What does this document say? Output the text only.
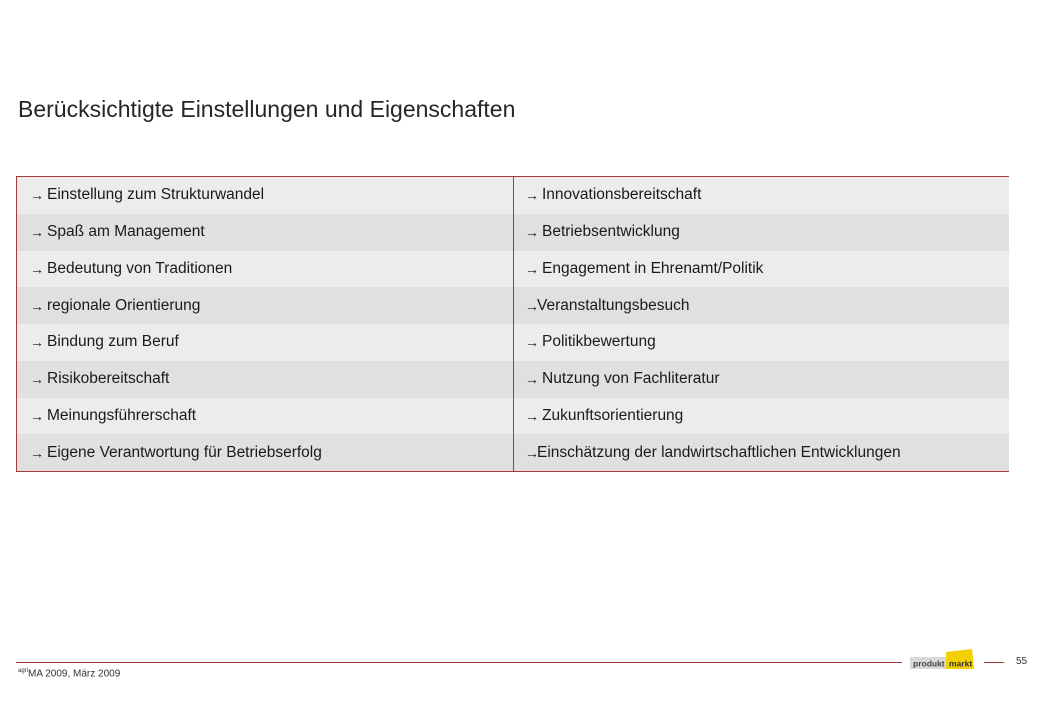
Berücksichtigte Einstellungen und Eigenschaften
→ Einstellung zum Strukturwandel
→ Spaß am Management
→ Bedeutung von Traditionen
→ regionale Orientierung
→ Bindung zum Beruf
→ Risikobereitschaft
→ Meinungsführerschaft
→ Eigene Verantwortung für Betriebserfolg
→ Innovationsbereitschaft
→ Betriebsentwicklung
→ Engagement in Ehrenamt/Politik
→
Veranstaltungsbesuch
→ Politikbewertung
→ Nutzung von Fachliteratur
→ Zukunftsorientierung
→
Einschätzung der landwirtschaftlichen Entwicklungen
produkt markt	55
$^{agri}$MA 2009, März 2009
